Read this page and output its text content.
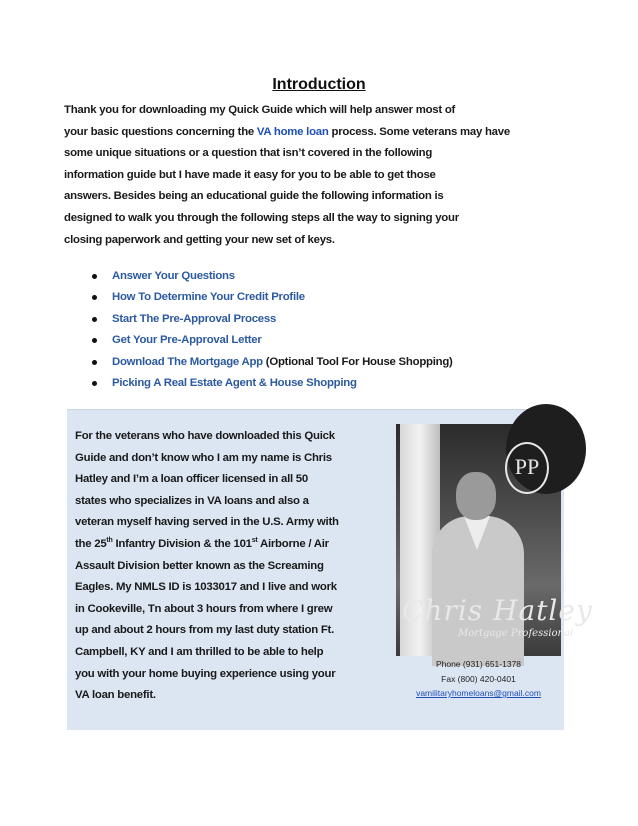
Introduction
Thank you for downloading my Quick Guide which will help answer most of
your basic questions concerning the VA home loan process. Some veterans may have
some unique situations or a question that isn’t covered in the following
information guide but I have made it easy for you to be able to get those
answers. Besides being an educational guide the following information is
designed to walk you through the following steps all the way to signing your
closing paperwork and getting your new set of keys.
Answer Your Questions
How To Determine Your Credit Profile
Start The Pre-Approval Process
Get Your Pre-Approval Letter
Download The Mortgage App (Optional Tool For House Shopping)
Picking A Real Estate Agent & House Shopping
For the veterans who have downloaded this Quick
Guide and don’t know who I am my name is Chris
Hatley and I’m a loan officer licensed in all 50
states who specializes in VA loans and also a
veteran myself having served in the U.S. Army with
the 25th Infantry Division & the 101st Airborne / Air
Assault Division better known as the Screaming
Eagles. My NMLS ID is 1033017 and I live and work
in Cookeville, Tn about 3 hours from where I grew
up and about 2 hours from my last duty station Ft.
Campbell, KY and I am thrilled to be able to help
you with your home buying experience using your
VA loan benefit.
PP
Chris Hatley
Mortgage Professional
Phone (931) 651-1378
Fax (800) 420-0401
vamilitaryhomeloans@gmail.com
